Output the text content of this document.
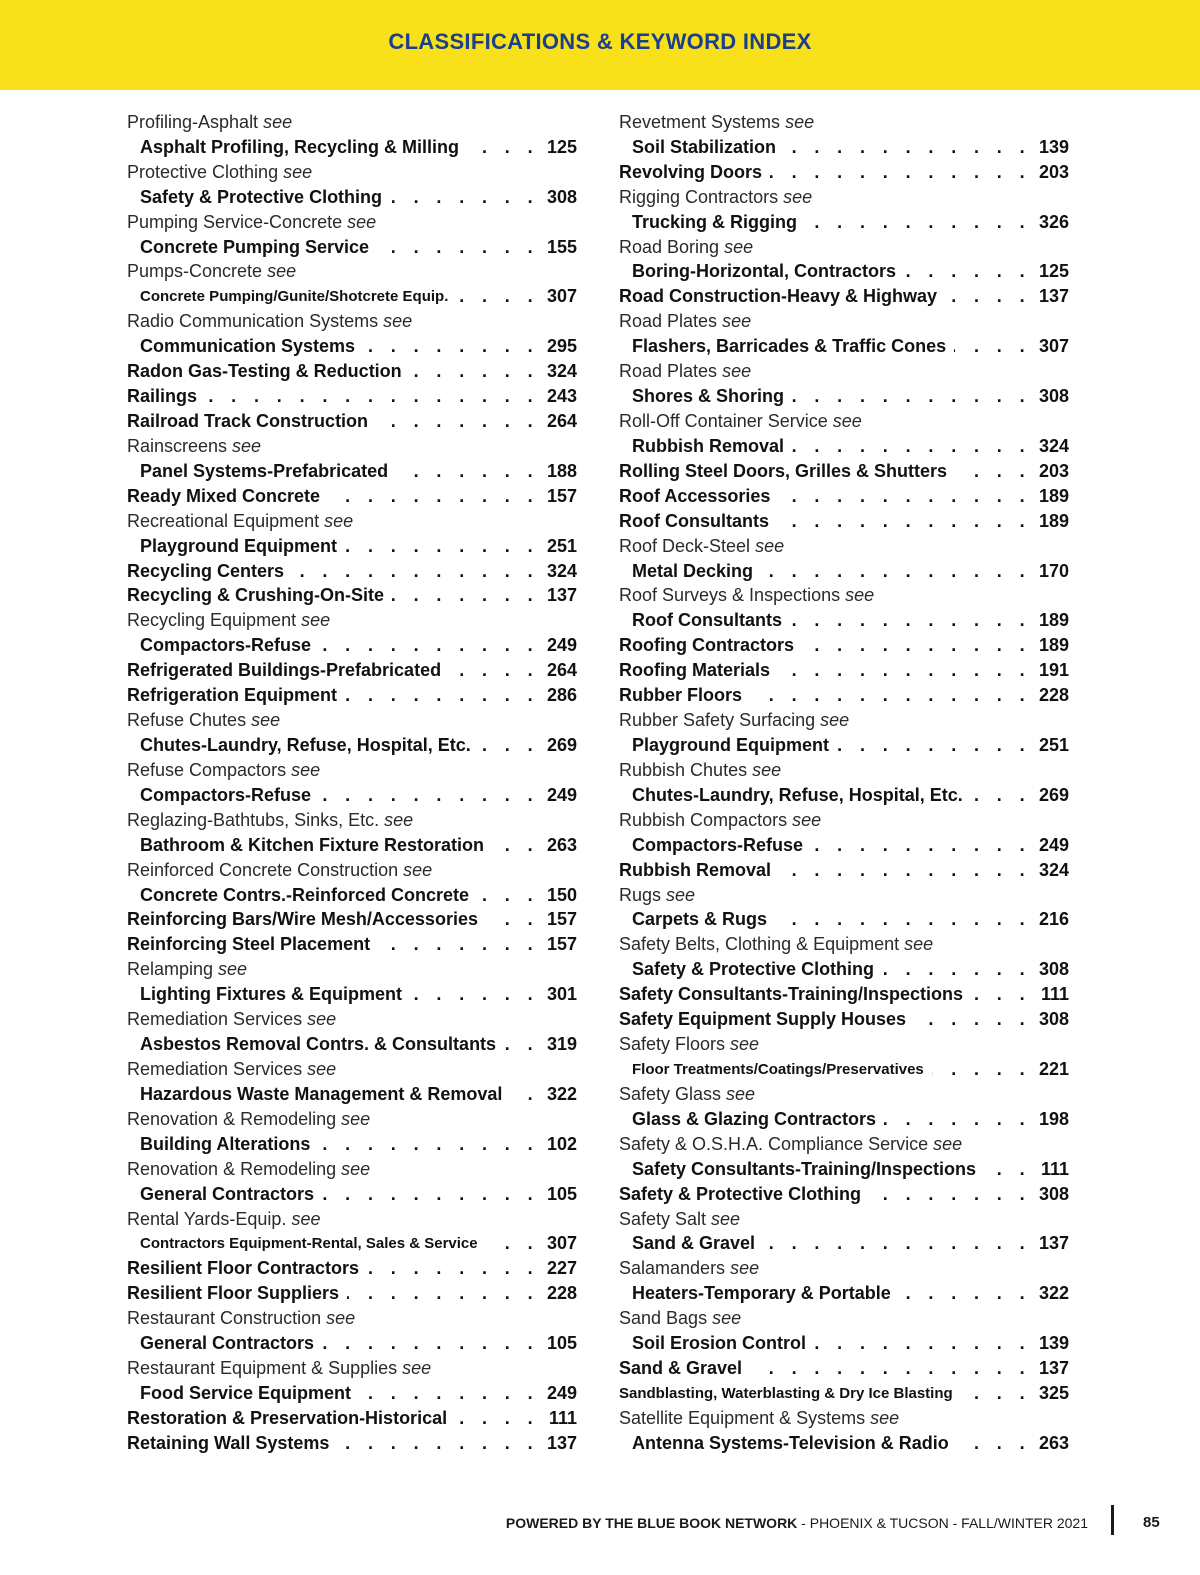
CLASSIFICATIONS & KEYWORD INDEX
Profiling-Asphalt see
Asphalt Profiling, Recycling & Milling . . .	125
Protective Clothing see
Safety & Protective Clothing . . .	308
Pumping Service-Concrete see
Concrete Pumping Service . . .	155
Pumps-Concrete see
Concrete Pumping/Gunite/Shotcrete Equip. . . .	307
Radio Communication Systems see
Communication Systems . . .	295
Radon Gas-Testing & Reduction . . .	324
Railings . . .	243
Railroad Track Construction . . .	264
Rainscreens see
Panel Systems-Prefabricated . . .	188
Ready Mixed Concrete . . .	157
Recreational Equipment see
Playground Equipment . . .	251
Recycling Centers . . .	324
Recycling & Crushing-On-Site . . .	137
Recycling Equipment see
Compactors-Refuse . . .	249
Refrigerated Buildings-Prefabricated . . .	264
Refrigeration Equipment . . .	286
Refuse Chutes see
Chutes-Laundry, Refuse, Hospital, Etc. . . .	269
Refuse Compactors see
Compactors-Refuse . . .	249
Reglazing-Bathtubs, Sinks, Etc. see
Bathroom & Kitchen Fixture Restoration . . .	263
Reinforced Concrete Construction see
Concrete Contrs.-Reinforced Concrete . . .	150
Reinforcing Bars/Wire Mesh/Accessories . . .	157
Reinforcing Steel Placement . . .	157
Relamping see
Lighting Fixtures & Equipment . . .	301
Remediation Services see
Asbestos Removal Contrs. & Consultants . . .	319
Remediation Services see
Hazardous Waste Management & Removal . . . 322
Renovation & Remodeling see
Building Alterations . . .	102
Renovation & Remodeling see
General Contractors . . .	105
Rental Yards-Equip. see
Contractors Equipment-Rental, Sales & Service . . .	307
Resilient Floor Contractors . . .	227
Resilient Floor Suppliers . . .	228
Restaurant Construction see
General Contractors . . .	105
Restaurant Equipment & Supplies see
Food Service Equipment . . .	249
Restoration & Preservation-Historical . . .	111
Retaining Wall Systems . . .	137
Revetment Systems see
Soil Stabilization . . .	139
Revolving Doors . . .	203
Rigging Contractors see
Trucking & Rigging . . .	326
Road Boring see
Boring-Horizontal, Contractors . . .	125
Road Construction-Heavy & Highway . . .	137
Road Plates see
Flashers, Barricades & Traffic Cones . . .	307
Road Plates see
Shores & Shoring . . .	308
Roll-Off Container Service see
Rubbish Removal . . .	324
Rolling Steel Doors, Grilles & Shutters . . .	203
Roof Accessories . . .	189
Roof Consultants . . .	189
Roof Deck-Steel see
Metal Decking . . .	170
Roof Surveys & Inspections see
Roof Consultants . . .	189
Roofing Contractors . . .	189
Roofing Materials . . .	191
Rubber Floors . . .	228
Rubber Safety Surfacing see
Playground Equipment . . .	251
Rubbish Chutes see
Chutes-Laundry, Refuse, Hospital, Etc. . . .	269
Rubbish Compactors see
Compactors-Refuse . . .	249
Rubbish Removal . . .	324
Rugs see
Carpets & Rugs . . .	216
Safety Belts, Clothing & Equipment see
Safety & Protective Clothing . . .	308
Safety Consultants-Training/Inspections . . .	111
Safety Equipment Supply Houses . . .	308
Safety Floors see
Floor Treatments/Coatings/Preservatives . . .	221
Safety Glass see
Glass & Glazing Contractors . . .	198
Safety & O.S.H.A. Compliance Service see
Safety Consultants-Training/Inspections . . .	111
Safety & Protective Clothing . . .	308
Safety Salt see
Sand & Gravel . . .	137
Salamanders see
Heaters-Temporary & Portable . . .	322
Sand Bags see
Soil Erosion Control . . .	139
Sand & Gravel . . .	137
Sandblasting, Waterblasting & Dry Ice Blasting . . .	325
Satellite Equipment & Systems see
Antenna Systems-Television & Radio . . .	263
POWERED BY THE BLUE BOOK NETWORK - PHOENIX & TUCSON - FALL/WINTER 2021	85
